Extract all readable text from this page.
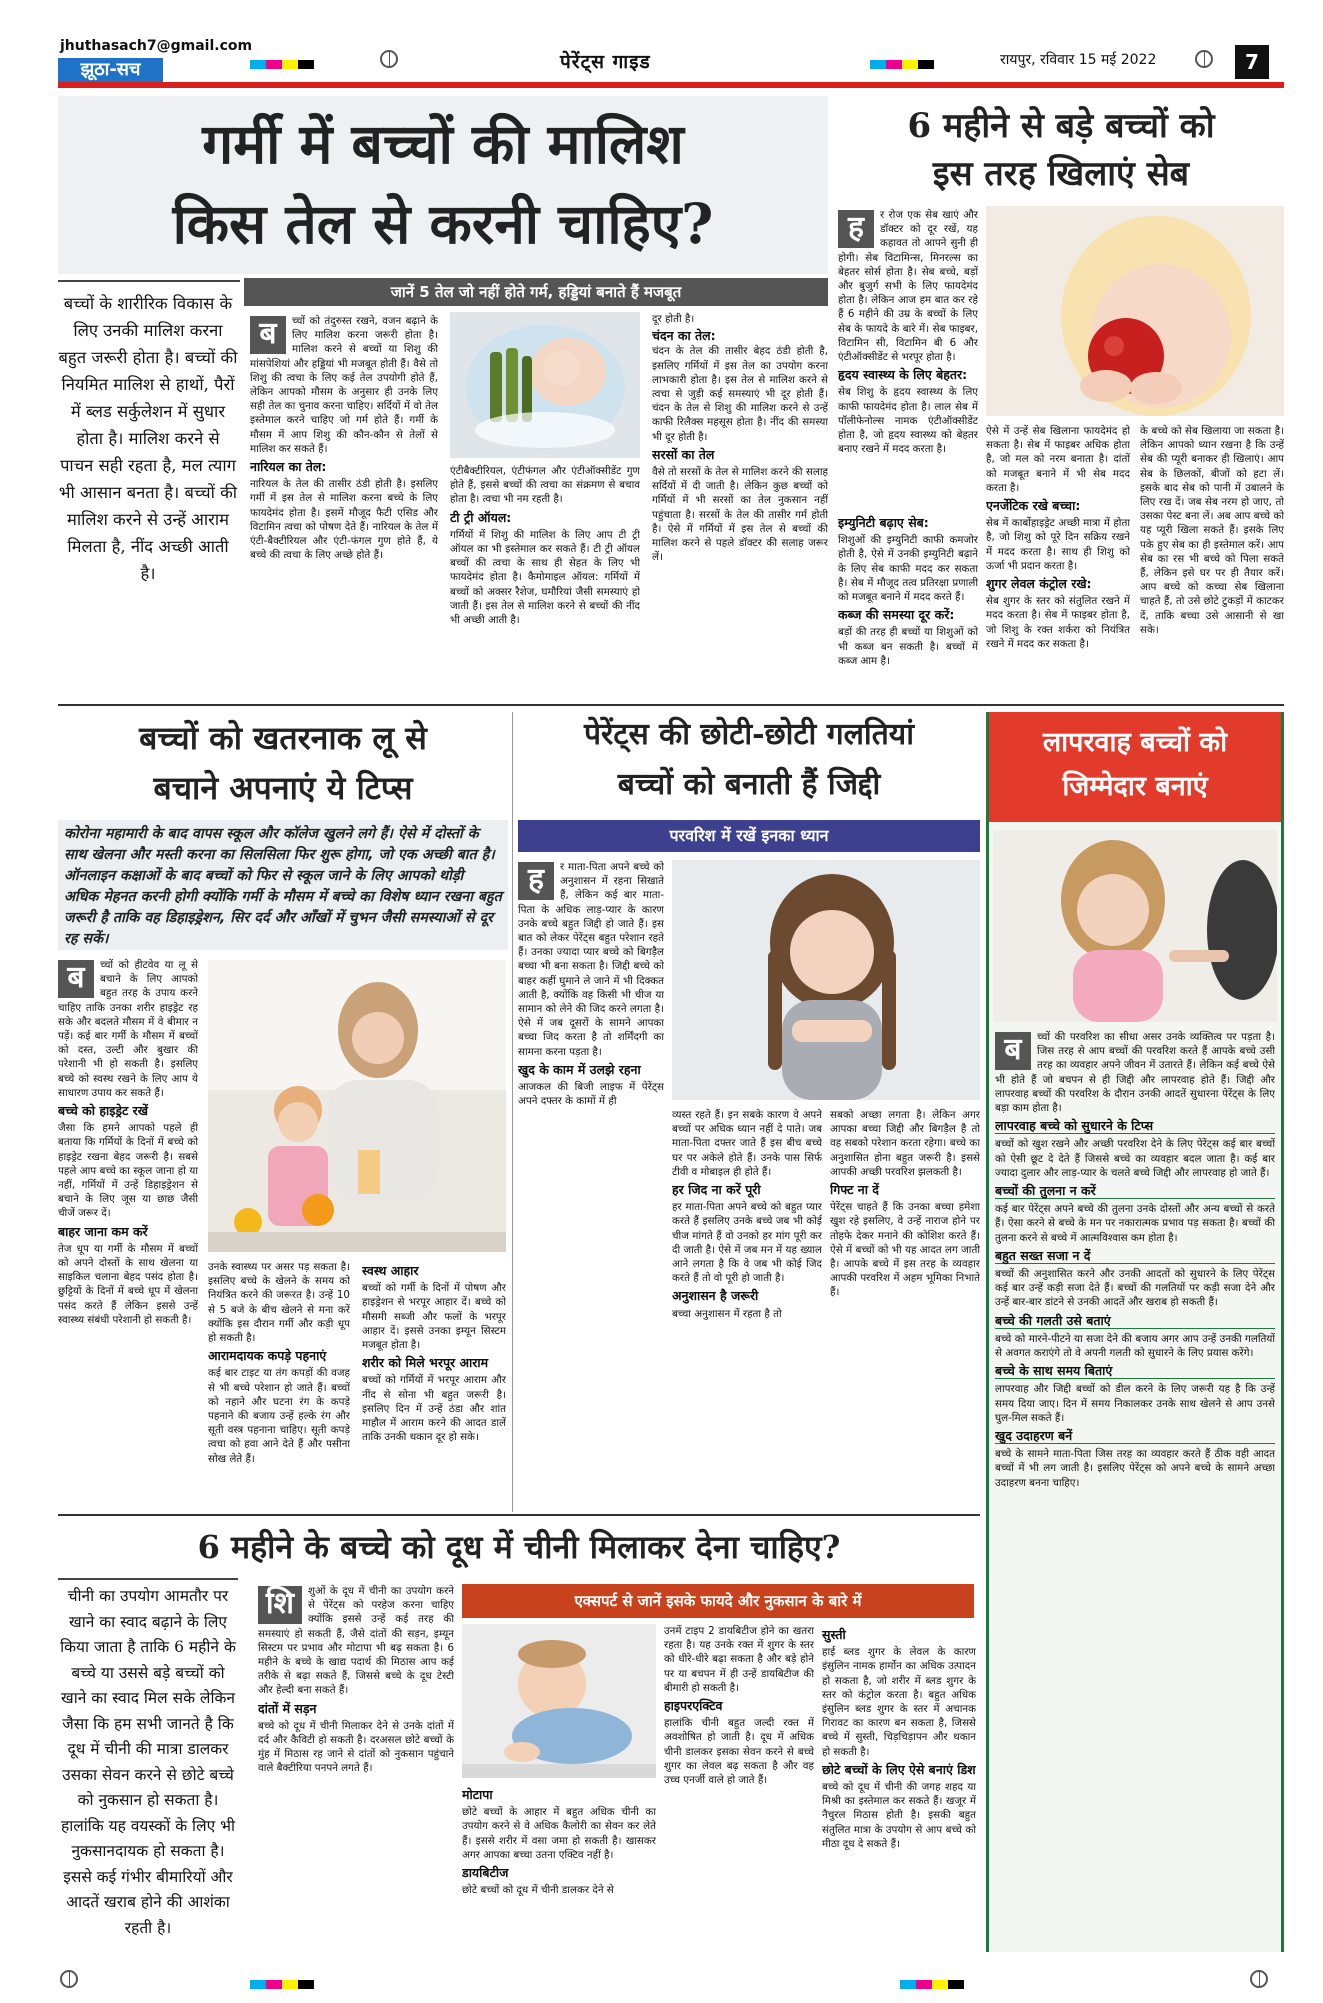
jhuthasach7@gmail.com
झूठा-सच	पेरेंट्स गाइड	रायपुर, रविवार 15 मई 2022	7
गर्मी में बच्चों की मालिश
किस तेल से करनी चाहिए?
बच्चों के शारीरिक विकास के लिए उनकी मालिश करना बहुत जरूरी होता है। बच्चों की नियमित मालिश से हाथों, पैरों में ब्लड सर्कुलेशन में सुधार होता है। मालिश करने से पाचन सही रहता है, मल त्याग भी आसान बनता है। बच्चों की मालिश करने से उन्हें आराम मिलता है, नींद अच्छी आती है।
जानें 5 तेल जो नहीं होते गर्म, हड्डियां बनाते हैं मजबूत
ब	च्चों को तंदुरुस्त रखने, वजन बढ़ाने के लिए मालिश करना जरूरी होता है। मालिश करने से बच्चों या शिशु की मांसपेशियां और हड्डियां भी मजबूत होती हैं। वैसे तो शिशु की त्वचा के लिए कई तेल उपयोगी होते हैं, लेकिन आपको मौसम के अनुसार ही उनके लिए सही तेल का चुनाव करना चाहिए। सर्दियों में वो तेल इस्तेमाल करने चाहिए जो गर्म होते हैं। गर्मी के मौसम में आप शिशु की कौन-कौन से तेलों से मालिश कर सकते हैं।

नारियल का तेल:

नारियल के तेल की तासीर ठंडी होती है। इसलिए गर्मी में इस तेल से मालिश करना बच्चे के लिए फायदेमंद होता है। इसमें मौजूद फैटी एसिड और विटामिन त्वचा को पोषण देते हैं। नारियल के तेल में एंटी-बैक्टीरियल और एंटी-फंगल गुण होते हैं, ये बच्चे की त्वचा के लिए अच्छे होते हैं।

एंटीबैक्टीरियल, एंटीफंगल और एंटीऑक्सीडेंट गुण होते हैं, इससे बच्चों की त्वचा का संक्रमण से बचाव होता है। त्वचा भी नम रहती है।

टी ट्री ऑयल:

गर्मियों में शिशु की मालिश के लिए आप टी ट्री ऑयल का भी इस्तेमाल कर सकते हैं। टी ट्री ऑयल बच्चों की त्वचा के साथ ही सेहत के लिए भी फायदेमंद होता है। कैमोमाइल ऑयल: गर्मियों में बच्चों को अक्सर रैशेज, घमौरियां जैसी समस्याएं हो जाती हैं। इस तेल से मालिश करने से बच्चों की नींद भी अच्छी आती है।

दूर होती है।

चंदन का तेल:

चंदन के तेल की तासीर बेहद ठंडी होती है, इसलिए गर्मियों में इस तेल का उपयोग करना लाभकारी होता है। इस तेल से मालिश करने से त्वचा से जुड़ी कई समस्याएं भी दूर होती हैं। चंदन के तेल से शिशु की मालिश करने से उन्हें काफी रिलैक्स महसूस होता है। नींद की समस्या भी दूर होती है।

सरसों का तेल

वैसे तो सरसों के तेल से मालिश करने की सलाह सर्दियों में दी जाती है। लेकिन कुछ बच्चों को गर्मियों में भी सरसों का तेल नुकसान नहीं पहुंचाता है। सरसों के तेल की तासीर गर्म होती है। ऐसे में गर्मियों में इस तेल से बच्चों की मालिश करने से पहले डॉक्टर की सलाह जरूर लें।

6 महीने से बड़े बच्चों को
इस तरह खिलाएं सेब
ह	र रोज एक सेब खाएं और डॉक्टर को दूर रखें, यह कहावत तो आपने सुनी ही होगी। सेब विटामिन्स, मिनरल्स का बेहतर सोर्स होता है। सेब बच्चे, बड़ों और बुजुर्ग सभी के लिए फायदेमंद होता है। लेकिन आज हम बात कर रहे हैं 6 महीने की उम्र के बच्चों के लिए सेब के फायदे के बारे में। सेब फाइबर, विटामिन सी, विटामिन बी 6 और एंटीऑक्सीडेंट से भरपूर होता है।

हृदय स्वास्थ्य के लिए बेहतर:

सेब शिशु के हृदय स्वास्थ्य के लिए काफी फायदेमंद होता है। लाल सेब में पॉलीफेनोल्स नामक एंटीऑक्सीडेंट होता है, जो हृदय स्वास्थ्य को बेहतर बनाए रखने में मदद करता है।

इम्युनिटी बढ़ाए सेब:

शिशुओं की इम्युनिटी काफी कमजोर होती है, ऐसे में उनकी इम्युनिटी बढ़ाने के लिए सेब काफी मदद कर सकता है। सेब में मौजूद तत्व प्रतिरक्षा प्रणाली को मजबूत बनाने में मदद करते हैं।

कब्ज की समस्या दूर करें:

बड़ों की तरह ही बच्चों या शिशुओं को भी कब्ज बन सकती है। बच्चों में कब्ज आम है।

ऐसे में उन्हें सेब खिलाना फायदेमंद हो सकता है। सेब में फाइबर अधिक होता है, जो मल को नरम बनाता है। दांतों को मजबूत बनाने में भी सेब मदद करता है।

एनर्जेटिक रखे बच्चा:

सेब में कार्बोहाइड्रेट अच्छी मात्रा में होता है, जो शिशु को पूरे दिन सक्रिय रखने में मदद करता है। साथ ही शिशु को ऊर्जा भी प्रदान करता है।

शुगर लेवल कंट्रोल रखे:

सेब शुगर के स्तर को संतुलित रखने में मदद करता है। सेब में फाइबर होता है, जो शिशु के रक्त शर्करा को नियंत्रित रखने में मदद कर सकता है।

के बच्चे को सेब खिलाया जा सकता है। लेकिन आपको ध्यान रखना है कि उन्हें सेब की प्यूरी बनाकर ही खिलाएं। आप सेब के छिलकों, बीजों को हटा लें। इसके बाद सेब को पानी में उबालने के लिए रख दें। जब सेब नरम हो जाए, तो उसका पेस्ट बना लें। अब आप बच्चे को यह प्यूरी खिला सकते हैं। इसके लिए पके हुए सेब का ही इस्तेमाल करें। आप सेब का रस भी बच्चे को पिला सकते हैं, लेकिन इसे घर पर ही तैयार करें। आप बच्चे को कच्चा सेब खिलाना चाहते हैं, तो उसे छोटे टुकड़ों में काटकर दें, ताकि बच्चा उसे आसानी से खा सके।

बच्चों को खतरनाक लू से
बचाने अपनाएं ये टिप्स
कोरोना महामारी के बाद वापस स्कूल और कॉलेज खुलने लगे हैं। ऐसे में दोस्तों के साथ खेलना और मस्ती करना का सिलसिला फिर शुरू होगा, जो एक अच्छी बात है। ऑनलाइन कक्षाओं के बाद बच्चों को फिर से स्कूल जाने के लिए आपको थोड़ी अधिक मेहनत करनी होगी क्योंकि गर्मी के मौसम में बच्चे का विशेष ध्यान रखना बहुत जरूरी है ताकि वह डिहाइड्रेशन, सिर दर्द और आँखों में चुभन जैसी समस्याओं से दूर रह सकें।
ब	च्चों को हीटवेव या लू से बचाने के लिए आपको बहुत तरह के उपाय करने चाहिए ताकि उनका शरीर हाइड्रेट रह सके और बदलते मौसम में वे बीमार न पड़ें। कई बार गर्मी के मौसम में बच्चों को दस्त, उल्टी और बुखार की परेशानी भी हो सकती है। इसलिए बच्चे को स्वस्थ रखने के लिए आप ये साधारण उपाय कर सकते हैं।

बच्चे को हाइड्रेट रखें

जैसा कि हमने आपको पहले ही बताया कि गर्मियों के दिनों में बच्चे को हाइड्रेट रखना बेहद जरूरी है। सबसे पहले आप बच्चे का स्कूल जाना हो या नहीं, गर्मियों में उन्हें डिहाइड्रेशन से बचाने के लिए जूस या छाछ जैसी चीजें जरूर दें।

बाहर जाना कम करें

तेज धूप या गर्मी के मौसम में बच्चों को अपने दोस्तों के साथ खेलना या साइकिल चलाना बेहद पसंद होता है। छुट्टियों के दिनों में बच्चे धूप में खेलना पसंद करते हैं लेकिन इससे उन्हें स्वास्थ्य संबंधी परेशानी हो सकती है।

उनके स्वास्थ्य पर असर पड़ सकता है। इसलिए बच्चे के खेलने के समय को नियंत्रित करने की जरूरत है। उन्हें 10 से 5 बजे के बीच खेलने से मना करें क्योंकि इस दौरान गर्मी और कड़ी धूप हो सकती है।

आरामदायक कपड़े पहनाएं

कई बार टाइट या तंग कपड़ों की वजह से भी बच्चे परेशान हो जाते हैं। बच्चों को नहाने और घटना रंग के कपड़े पहनाने की बजाय उन्हें हल्के रंग और सूती वस्त्र पहनाना चाहिए। सूती कपड़े त्वचा को हवा आने देते हैं और पसीना सोख लेते हैं।

स्वस्थ आहार

बच्चों को गर्मी के दिनों में पोषण और हाइड्रेशन से भरपूर आहार दें। बच्चे को मौसमी सब्जी और फलों के भरपूर आहार दें। इससे उनका इम्यून सिस्टम मजबूत होता है।

शरीर को मिले भरपूर आराम

बच्चों को गर्मियों में भरपूर आराम और नींद से सोना भी बहुत जरूरी है। इसलिए दिन में उन्हें ठंडा और शांत माहौल में आराम करने की आदत डालें ताकि उनकी थकान दूर हो सके।

पेरेंट्स की छोटी-छोटी गलतियां
बच्चों को बनाती हैं जिद्दी
परवरिश में रखें इनका ध्यान
ह	र माता-पिता अपने बच्चे को अनुशासन में रहना सिखाते हैं, लेकिन कई बार माता-पिता के अधिक लाड़-प्यार के कारण उनके बच्चे बहुत जिद्दी हो जाते हैं। इस बात को लेकर पेरेंट्स बहुत परेशान रहते हैं। उनका ज्यादा प्यार बच्चे को बिगड़ैल बच्चा भी बना सकता है। जिद्दी बच्चे को बाहर कहीं घुमाने ले जाने में भी दिक्कत आती है, क्योंकि वह किसी भी चीज या सामान को लेने की जिद करने लगता है। ऐसे में जब दूसरों के सामने आपका बच्चा जिद करता है तो शर्मिंदगी का सामना करना पड़ता है।

खुद के काम में उलझे रहना

आजकल की बिजी लाइफ में पेरेंट्स अपने दफ्तर के कामों में ही

व्यस्त रहते हैं। इन सबके कारण वे अपने बच्चों पर अधिक ध्यान नहीं दे पाते। जब माता-पिता दफ्तर जाते हैं इस बीच बच्चे घर पर अकेले होते हैं। उनके पास सिर्फ टीवी व मोबाइल ही होते हैं।

हर जिद ना करें पूरी

हर माता-पिता अपने बच्चे को बहुत प्यार करते हैं इसलिए उनके बच्चे जब भी कोई चीज मांगते हैं वो उनको हर मांग पूरी कर दी जाती है। ऐसे में जब मन में यह ख्याल आने लगता है कि वे जब भी कोई जिद करते हैं तो वो पूरी हो जाती है।

अनुशासन है जरूरी

बच्चा अनुशासन में रहता है तो

सबको अच्छा लगता है। लेकिन अगर आपका बच्चा जिद्दी और बिगड़ैल है तो वह सबको परेशान करता रहेगा। बच्चे का अनुशासित होना बहुत जरूरी है। इससे आपकी अच्छी परवरिश झलकती है।

गिफ्ट ना दें

पेरेंट्स चाहते हैं कि उनका बच्चा हमेशा खुश रहे इसलिए, वे उन्हें नाराज होने पर तोहफे देकर मनाने की कोशिश करते हैं। ऐसे में बच्चों को भी यह आदत लग जाती है। आपके बच्चे में इस तरह के व्यवहार आपकी परवरिश में अहम भूमिका निभाते हैं।

लापरवाह बच्चों को
जिम्मेदार बनाएं
ब	च्चों की परवरिश का सीधा असर उनके व्यक्तित्व पर पड़ता है। जिस तरह से आप बच्चों की परवरिश करते हैं आपके बच्चे उसी तरह का व्यवहार अपने जीवन में उतारते हैं। लेकिन कई बच्चे ऐसे भी होते हैं जो बचपन से ही जिद्दी और लापरवाह होते हैं। जिद्दी और लापरवाह बच्चों की परवरिश के दौरान उनकी आदतें सुधारना पेरेंट्स के लिए बड़ा काम होता है।

लापरवाह बच्चे को सुधारने के टिप्स

बच्चों को खुश रखने और अच्छी परवरिश देने के लिए पेरेंट्स कई बार बच्चों को ऐसी छूट दे देते हैं जिससे बच्चे का व्यवहार बदल जाता है। कई बार ज्यादा दुलार और लाड़-प्यार के चलते बच्चे जिद्दी और लापरवाह हो जाते हैं।

बच्चों की तुलना न करें

कई बार पेरेंट्स अपने बच्चे की तुलना उनके दोस्तों और अन्य बच्चों से करते हैं। ऐसा करने से बच्चे के मन पर नकारात्मक प्रभाव पड़ सकता है। बच्चों की तुलना करने से बच्चे में आत्मविश्वास कम होता है।

बहुत सख्त सजा न दें

बच्चों की अनुशासित करने और उनकी आदतों को सुधारने के लिए पेरेंट्स कई बार उन्हें कड़ी सजा देते हैं। बच्चों की गलतियों पर कड़ी सजा देने और उन्हें बार-बार डांटने से उनकी आदतें और खराब हो सकती हैं।

बच्चे की गलती उसे बताएं

बच्चे को मारने-पीटने या सजा देने की बजाय अगर आप उन्हें उनकी गलतियों से अवगत कराएंगे तो वे अपनी गलती को सुधारने के लिए प्रयास करेंगे।

बच्चे के साथ समय बिताएं

लापरवाह और जिद्दी बच्चों को डील करने के लिए जरूरी यह है कि उन्हें समय दिया जाए। दिन में समय निकालकर उनके साथ खेलने से आप उनसे घुल-मिल सकते हैं।

खुद उदाहरण बनें

बच्चे के सामने माता-पिता जिस तरह का व्यवहार करते हैं ठीक वही आदत बच्चों में भी लग जाती है। इसलिए पेरेंट्स को अपने बच्चे के सामने अच्छा उदाहरण बनना चाहिए।

6 महीने के बच्चे को दूध में चीनी मिलाकर देना चाहिए?
चीनी का उपयोग आमतौर पर खाने का स्वाद बढ़ाने के लिए किया जाता है ताकि 6 महीने के बच्चे या उससे बड़े बच्चों को खाने का स्वाद मिल सके लेकिन जैसा कि हम सभी जानते है कि दूध में चीनी की मात्रा डालकर उसका सेवन करने से छोटे बच्चे को नुकसान हो सकता है। हालांकि यह वयस्कों के लिए भी नुकसानदायक हो सकता है। इससे कई गंभीर बीमारियों और आदतें खराब होने की आशंका रहती है।
शि	शुओं के दूध में चीनी का उपयोग करने से पेरेंट्स को परहेज करना चाहिए क्योंकि इससे उन्हें कई तरह की समस्याएं हो सकती हैं, जैसे दांतों की सड़न, इम्यून सिस्टम पर प्रभाव और मोटापा भी बढ़ सकता है। 6 महीने के बच्चे के खाद्य पदार्थ की मिठास आप कई तरीके से बढ़ा सकते हैं, जिससे बच्चे के दूध टेस्टी और हेल्दी बना सकते हैं।

दांतों में सड़न

बच्चे को दूध में चीनी मिलाकर देने से उनके दांतों में दर्द और कैविटी हो सकती है। दरअसल छोटे बच्चों के मुंह में मिठास रह जाने से दांतों को नुकसान पहुंचाने वाले बैक्टीरिया पनपने लगते हैं।

एक्सपर्ट से जानें इसके फायदे और नुकसान के बारे में
मोटापा

छोटे बच्चों के आहार में बहुत अधिक चीनी का उपयोग करने से वे अधिक कैलोरी का सेवन कर लेते हैं। इससे शरीर में वसा जमा हो सकती है। खासकर अगर आपका बच्चा उतना एक्टिव नहीं है।

डायबिटीज

छोटे बच्चों को दूध में चीनी डालकर देने से

उनमें टाइप 2 डायबिटीज होने का खतरा रहता है। यह उनके रक्त में शुगर के स्तर को धीरे-धीरे बढ़ा सकता है और बड़े होने पर या बचपन में ही उन्हें डायबिटीज की बीमारी हो सकती है।

हाइपरएक्टिव

हालांकि चीनी बहुत जल्दी रक्त में अवशोषित हो जाती है। दूध में अधिक चीनी डालकर इसका सेवन करने से बच्चे शुगर का लेवल बढ़ सकता है और वह उच्च एनर्जी वाले हो जाते हैं।

सुस्ती

हाई ब्लड शुगर के लेवल के कारण इंसुलिन नामक हार्मोन का अधिक उत्पादन हो सकता है, जो शरीर में ब्लड शुगर के स्तर को कंट्रोल करता है। बहुत अधिक इंसुलिन ब्लड शुगर के स्तर में अचानक गिरावट का कारण बन सकता है, जिससे बच्चे में सुस्ती, चिड़चिड़ापन और थकान हो सकती है।

छोटे बच्चों के लिए ऐसे बनाएं डिश

बच्चे को दूध में चीनी की जगह शहद या मिश्री का इस्तेमाल कर सकते हैं। खजूर में नैचुरल मिठास होती है। इसकी बहुत संतुलित मात्रा के उपयोग से आप बच्चे को मीठा दूध दे सकते हैं।
